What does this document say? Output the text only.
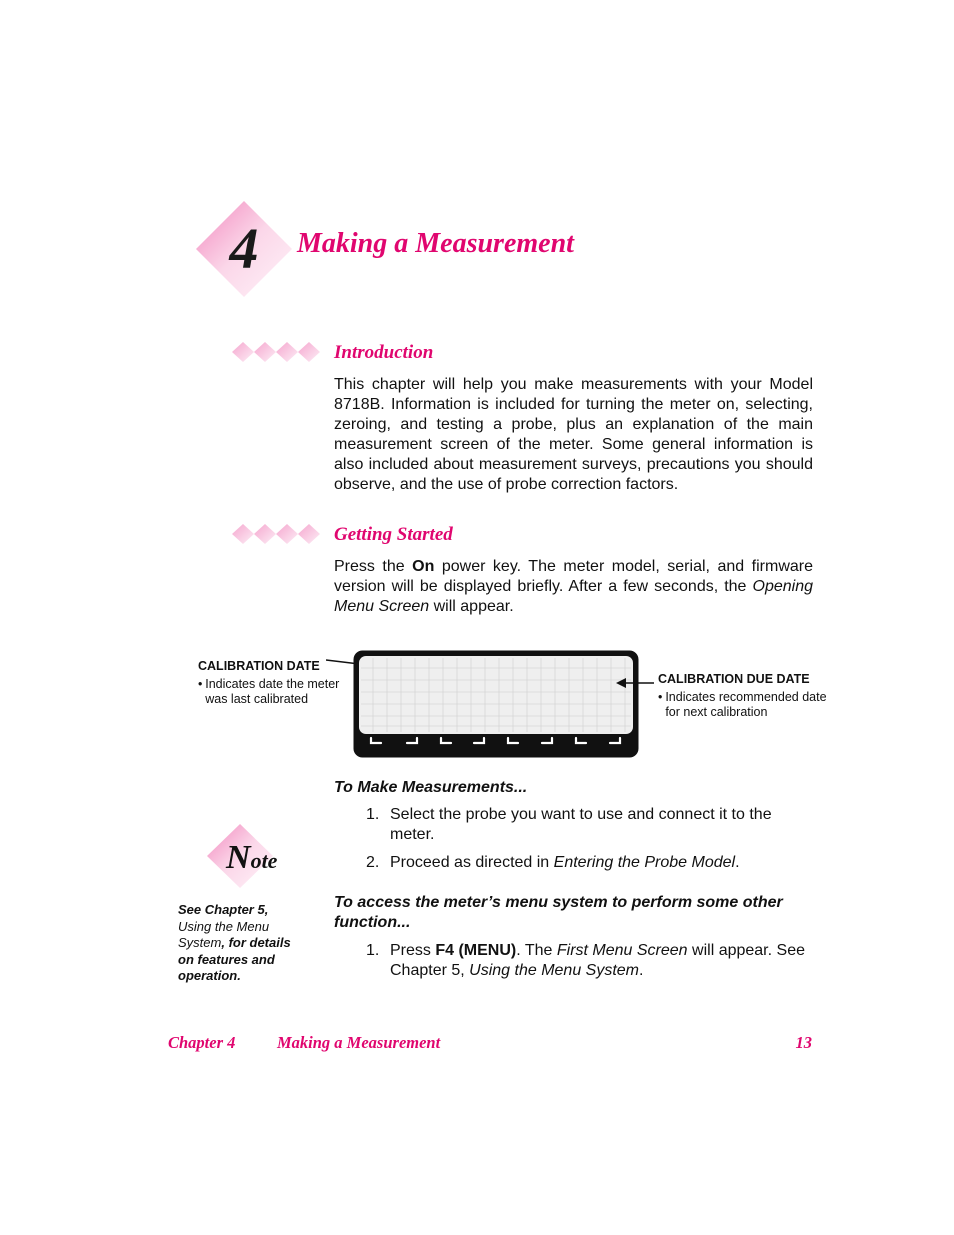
4	Making a Measurement
Introduction
This chapter will help you make measurements with your Model 8718B. Information is included for turning the meter on, selecting, zeroing, and testing a probe, plus an explanation of the main measurement screen of the meter. Some general information is also included about measurement surveys, precautions you should observe, and the use of probe correction factors.
Getting Started
Press the On power key. The meter model, serial, and firmware version will be displayed briefly. After a few seconds, the Opening Menu Screen will appear.
CALIBRATION DATE
• Indicates date the meter was last calibrated
CALIBRATION DUE DATE
• Indicates recommended date for next calibration
To Make Measurements...
1. Select the probe you want to use and connect it to the meter.
2. Proceed as directed in Entering the Probe Model.
Note
See Chapter 5,
Using the Menu System, for details on features and operation.
To access the meter’s menu system to perform some other function...
1. Press F4 (MENU). The First Menu Screen will appear. See Chapter 5, Using the Menu System.
Chapter 4	Making a Measurement	13
